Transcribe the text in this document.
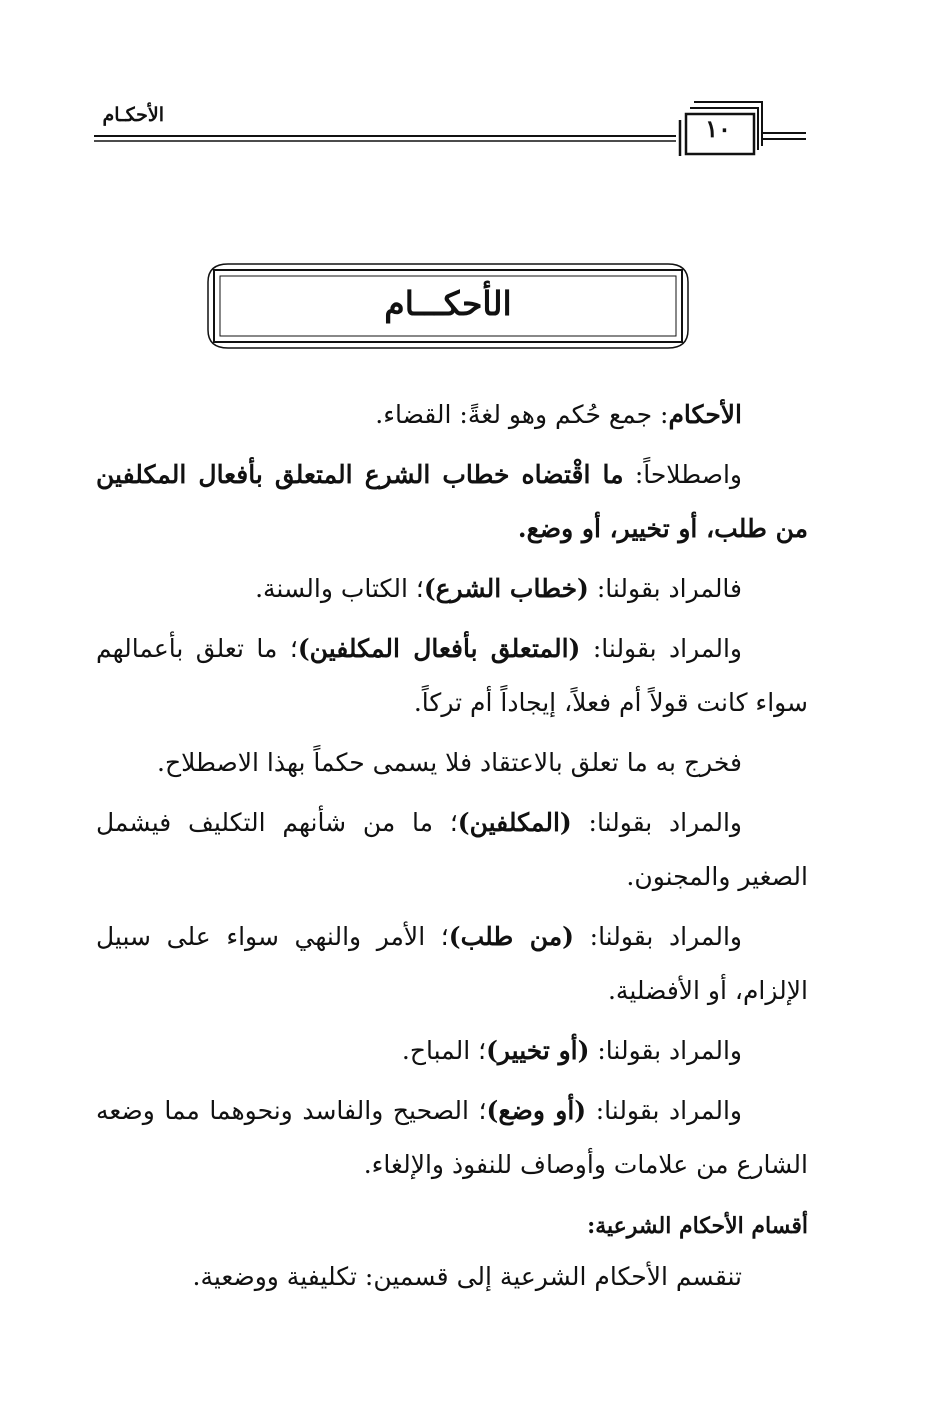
الأحكـام	١٠
الأحكـــام

الأحكام: جمع حُكم وهو لغةً: القضاء.

واصطلاحاً: ما اقْتضاه خطاب الشرع المتعلق بأفعال المكلفين من طلب، أو تخيير، أو وضع.

فالمراد بقولنا: (خطاب الشرع)؛ الكتاب والسنة.

والمراد بقولنا: (المتعلق بأفعال المكلفين)؛ ما تعلق بأعمالهم سواء كانت قولاً أم فعلاً، إيجاداً أم تركاً.

فخرج به ما تعلق بالاعتقاد فلا يسمى حكماً بهذا الاصطلاح.

والمراد بقولنا: (المكلفين)؛ ما من شأنهم التكليف فيشمل الصغير والمجنون.

والمراد بقولنا: (من طلب)؛ الأمر والنهي سواء على سبيل الإلزام، أو الأفضلية.

والمراد بقولنا: (أو تخيير)؛ المباح.

والمراد بقولنا: (أو وضع)؛ الصحيح والفاسد ونحوهما مما وضعه الشارع من علامات وأوصاف للنفوذ والإلغاء.

أقسام الأحكام الشرعية:

تنقسم الأحكام الشرعية إلى قسمين: تكليفية ووضعية.
